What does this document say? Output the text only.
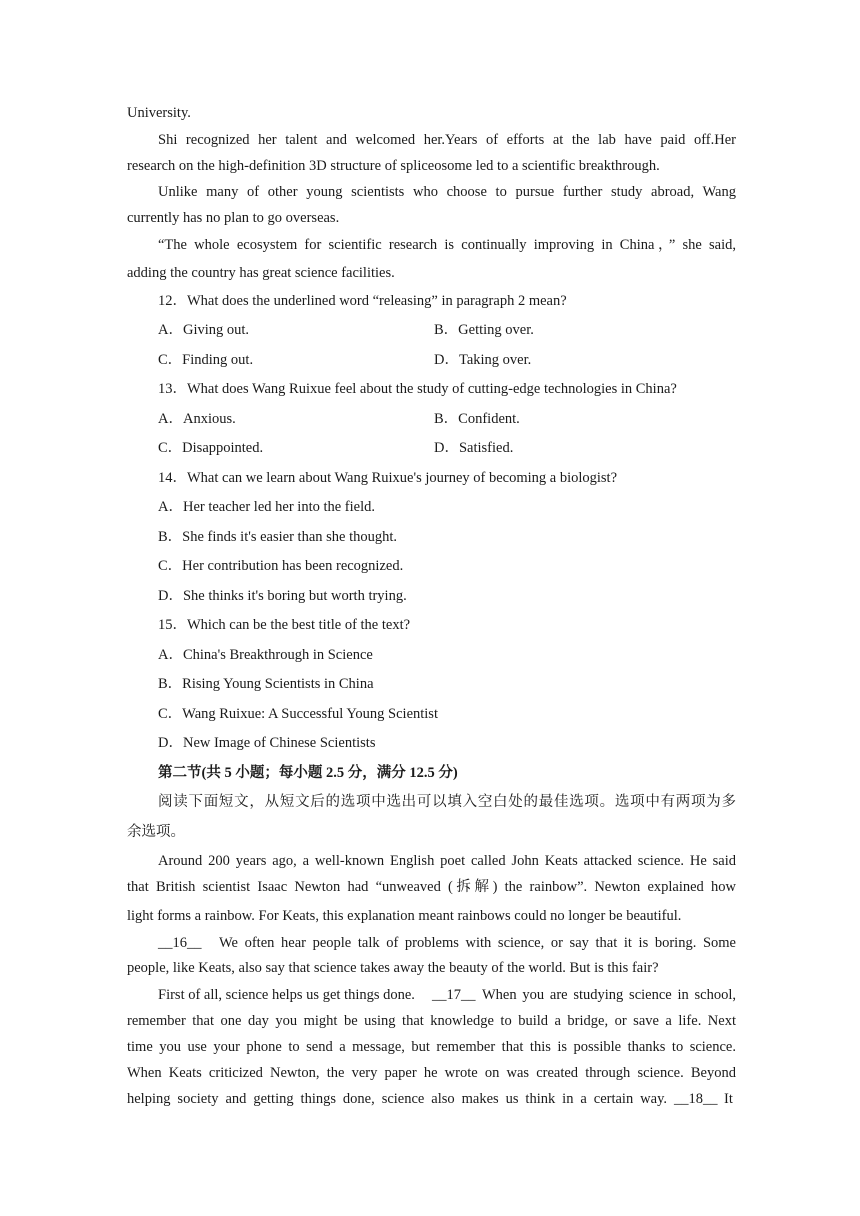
University.
Shi recognized her talent and welcomed her.Years of efforts at the lab have paid off.Her
research on the high-definition 3D structure of spliceosome led to a scientific breakthrough.
Unlike many of other young scientists who choose to pursue further study abroad, Wang
currently has no plan to go overseas.
“The whole ecosystem for scientific research is continually improving in China，” she said,
adding the country has great science facilities.
12．What does the underlined word “releasing” in paragraph 2 mean?
A．Giving out.	B．Getting over.
C．Finding out.	D．Taking over.
13．What does Wang Ruixue feel about the study of cutting-edge technologies in China?
A．Anxious.	B．Confident.
C．Disappointed.	D．Satisfied.
14．What can we learn about Wang Ruixue's journey of becoming a biologist?
A．Her teacher led her into the field.
B．She finds it's easier than she thought.
C．Her contribution has been recognized.
D．She thinks it's boring but worth trying.
15．Which can be the best title of the text?
A．China's Breakthrough in Science
B．Rising Young Scientists in China
C．Wang Ruixue: A Successful Young Scientist
D．New Image of Chinese Scientists
第二节(共 5 小题；每小题 2.5 分，满分 12.5 分)
阅读下面短文，从短文后的选项中选出可以填入空白处的最佳选项。选项中有两项为多
余选项。
Around 200 years ago, a well-known English poet called John Keats attacked science. He said
that British scientist Isaac Newton had “unweaved (拆解) the rainbow”. Newton explained how
light forms a rainbow. For Keats, this explanation meant rainbows could no longer be beautiful.
__16__	We often hear people talk of problems with science, or say that it is boring. Some
people, like Keats, also say that science takes away the beauty of the world. But is this fair?
First of all, science helps us get things done.	__17__ When you are studying science in school,
remember that one day you might be using that knowledge to build a bridge, or save a life. Next
time you use your phone to send a message, but remember that this is possible thanks to science.
When Keats criticized Newton, the very paper he wrote on was created through science. Beyond
helping society and getting things done, science also makes us think in a certain way. __18__ It
